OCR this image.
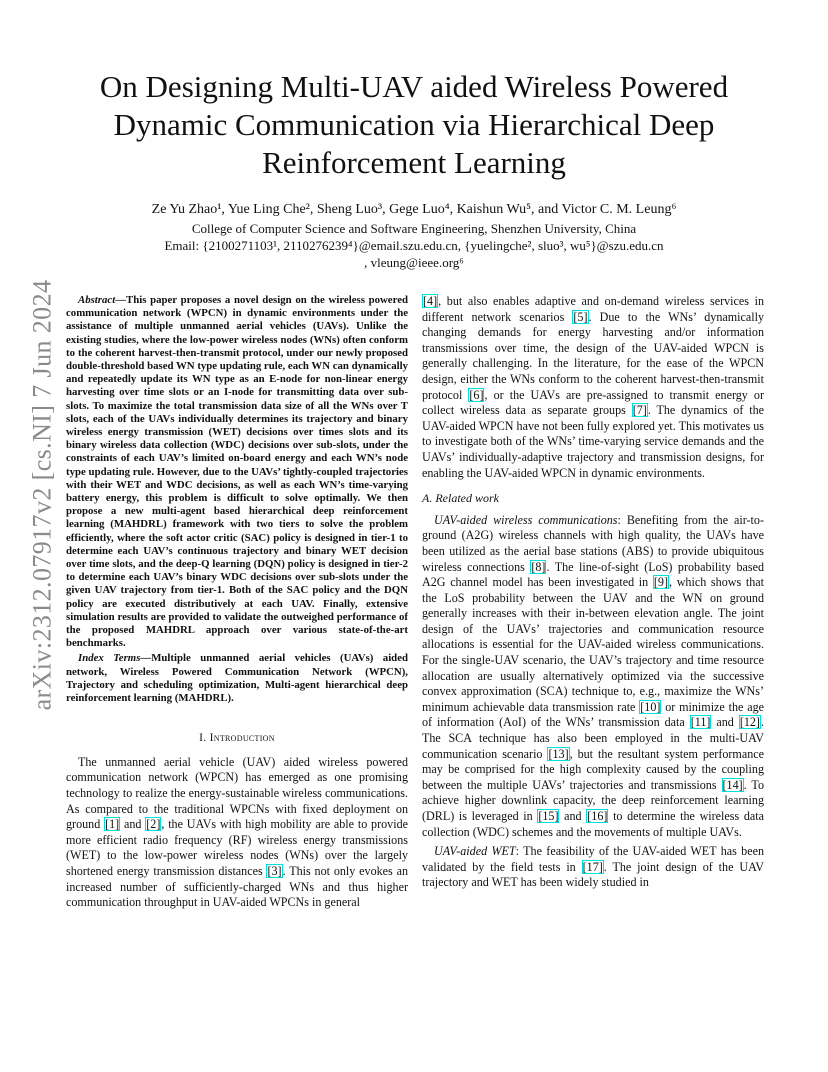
arXiv:2312.07917v2 [cs.NI] 7 Jun 2024
On Designing Multi-UAV aided Wireless Powered
Dynamic Communication via Hierarchical Deep
Reinforcement Learning
Ze Yu Zhao¹, Yue Ling Che², Sheng Luo³, Gege Luo⁴, Kaishun Wu⁵, and Victor C. M. Leung⁶
College of Computer Science and Software Engineering, Shenzhen University, China
Email: {2100271103¹, 2110276239⁴}@email.szu.edu.cn, {yuelingche², sluo³, wu⁵}@szu.edu.cn
, vleung@ieee.org⁶

Abstract—This paper proposes a novel design on the wireless powered communication network (WPCN) in dynamic environments under the assistance of multiple unmanned aerial vehicles (UAVs). Unlike the existing studies, where the low-power wireless nodes (WNs) often conform to the coherent harvest-then-transmit protocol, under our newly proposed double-threshold based WN type updating rule, each WN can dynamically and repeatedly update its WN type as an E-node for non-linear energy harvesting over time slots or an I-node for transmitting data over sub-slots. To maximize the total transmission data size of all the WNs over T slots, each of the UAVs individually determines its trajectory and binary wireless energy transmission (WET) decisions over times slots and its binary wireless data collection (WDC) decisions over sub-slots, under the constraints of each UAV’s limited on-board energy and each WN’s node type updating rule. However, due to the UAVs’ tightly-coupled trajectories with their WET and WDC decisions, as well as each WN’s time-varying battery energy, this problem is difficult to solve optimally. We then propose a new multi-agent based hierarchical deep reinforcement learning (MAHDRL) framework with two tiers to solve the problem efficiently, where the soft actor critic (SAC) policy is designed in tier-1 to determine each UAV’s continuous trajectory and binary WET decision over time slots, and the deep-Q learning (DQN) policy is designed in tier-2 to determine each UAV’s binary WDC decisions over sub-slots under the given UAV trajectory from tier-1. Both of the SAC policy and the DQN policy are executed distributively at each UAV. Finally, extensive simulation results are provided to validate the outweighed performance of the proposed MAHDRL approach over various state-of-the-art benchmarks.

Index Terms—Multiple unmanned aerial vehicles (UAVs) aided network, Wireless Powered Communication Network (WPCN), Trajectory and scheduling optimization, Multi-agent hierarchical deep reinforcement learning (MAHDRL).

I. Introduction

The unmanned aerial vehicle (UAV) aided wireless powered communication network (WPCN) has emerged as one promising technology to realize the energy-sustainable wireless communications. As compared to the traditional WPCNs with fixed deployment on ground [1] and [2], the UAVs with high mobility are able to provide more efficient radio frequency (RF) wireless energy transmissions (WET) to the low-power wireless nodes (WNs) over the largely shortened energy transmission distances [3]. This not only evokes an increased number of sufficiently-charged WNs and thus higher communication throughput in UAV-aided WPCNs in general

[4], but also enables adaptive and on-demand wireless services in different network scenarios [5]. Due to the WNs’ dynamically changing demands for energy harvesting and/or information transmissions over time, the design of the UAV-aided WPCN is generally challenging. In the literature, for the ease of the WPCN design, either the WNs conform to the coherent harvest-then-transmit protocol [6], or the UAVs are pre-assigned to transmit energy or collect wireless data as separate groups [7]. The dynamics of the UAV-aided WPCN have not been fully explored yet. This motivates us to investigate both of the WNs’ time-varying service demands and the UAVs’ individually-adaptive trajectory and transmission designs, for enabling the UAV-aided WPCN in dynamic environments.

A. Related work

UAV-aided wireless communications: Benefiting from the air-to-ground (A2G) wireless channels with high quality, the UAVs have been utilized as the aerial base stations (ABS) to provide ubiquitous wireless connections [8]. The line-of-sight (LoS) probability based A2G channel model has been investigated in [9], which shows that the LoS probability between the UAV and the WN on ground generally increases with their in-between elevation angle. The joint design of the UAVs’ trajectories and communication resource allocations is essential for the UAV-aided wireless communications. For the single-UAV scenario, the UAV’s trajectory and time resource allocation are usually alternatively optimized via the successive convex approximation (SCA) technique to, e.g., maximize the WNs’ minimum achievable data transmission rate [10] or minimize the age of information (AoI) of the WNs’ transmission data [11] and [12]. The SCA technique has also been employed in the multi-UAV communication scenario [13], but the resultant system performance may be comprised for the high complexity caused by the coupling between the multiple UAVs’ trajectories and transmissions [14]. To achieve higher downlink capacity, the deep reinforcement learning (DRL) is leveraged in [15] and [16] to determine the wireless data collection (WDC) schemes and the movements of multiple UAVs.

UAV-aided WET: The feasibility of the UAV-aided WET has been validated by the field tests in [17]. The joint design of the UAV trajectory and WET has been widely studied in
